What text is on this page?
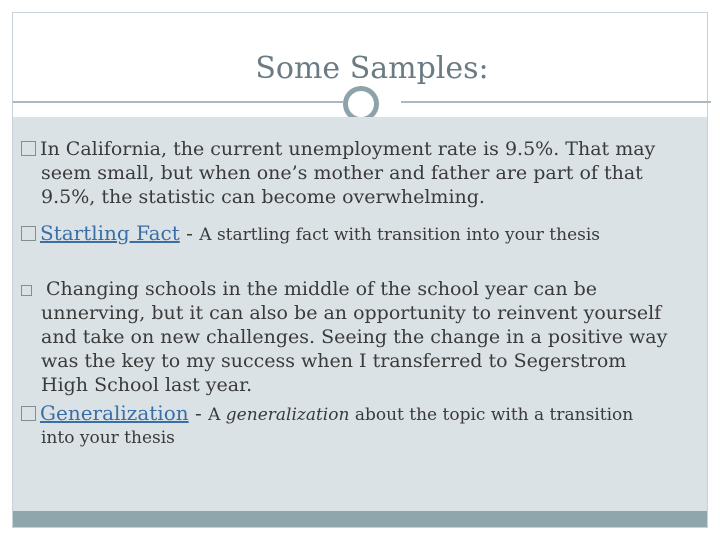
Some Samples:
In California, the current unemployment rate is 9.5%. That may
seem small, but when one’s mother and father are part of that
9.5%, the statistic can become overwhelming.
Startling Fact - A startling fact with transition into your thesis
Changing schools in the middle of the school year can be
unnerving, but it can also be an opportunity to reinvent yourself
and take on new challenges. Seeing the change in a positive way
was the key to my success when I transferred to Segerstrom
High School last year.
Generalization - A generalization about the topic with a transition
into your thesis
